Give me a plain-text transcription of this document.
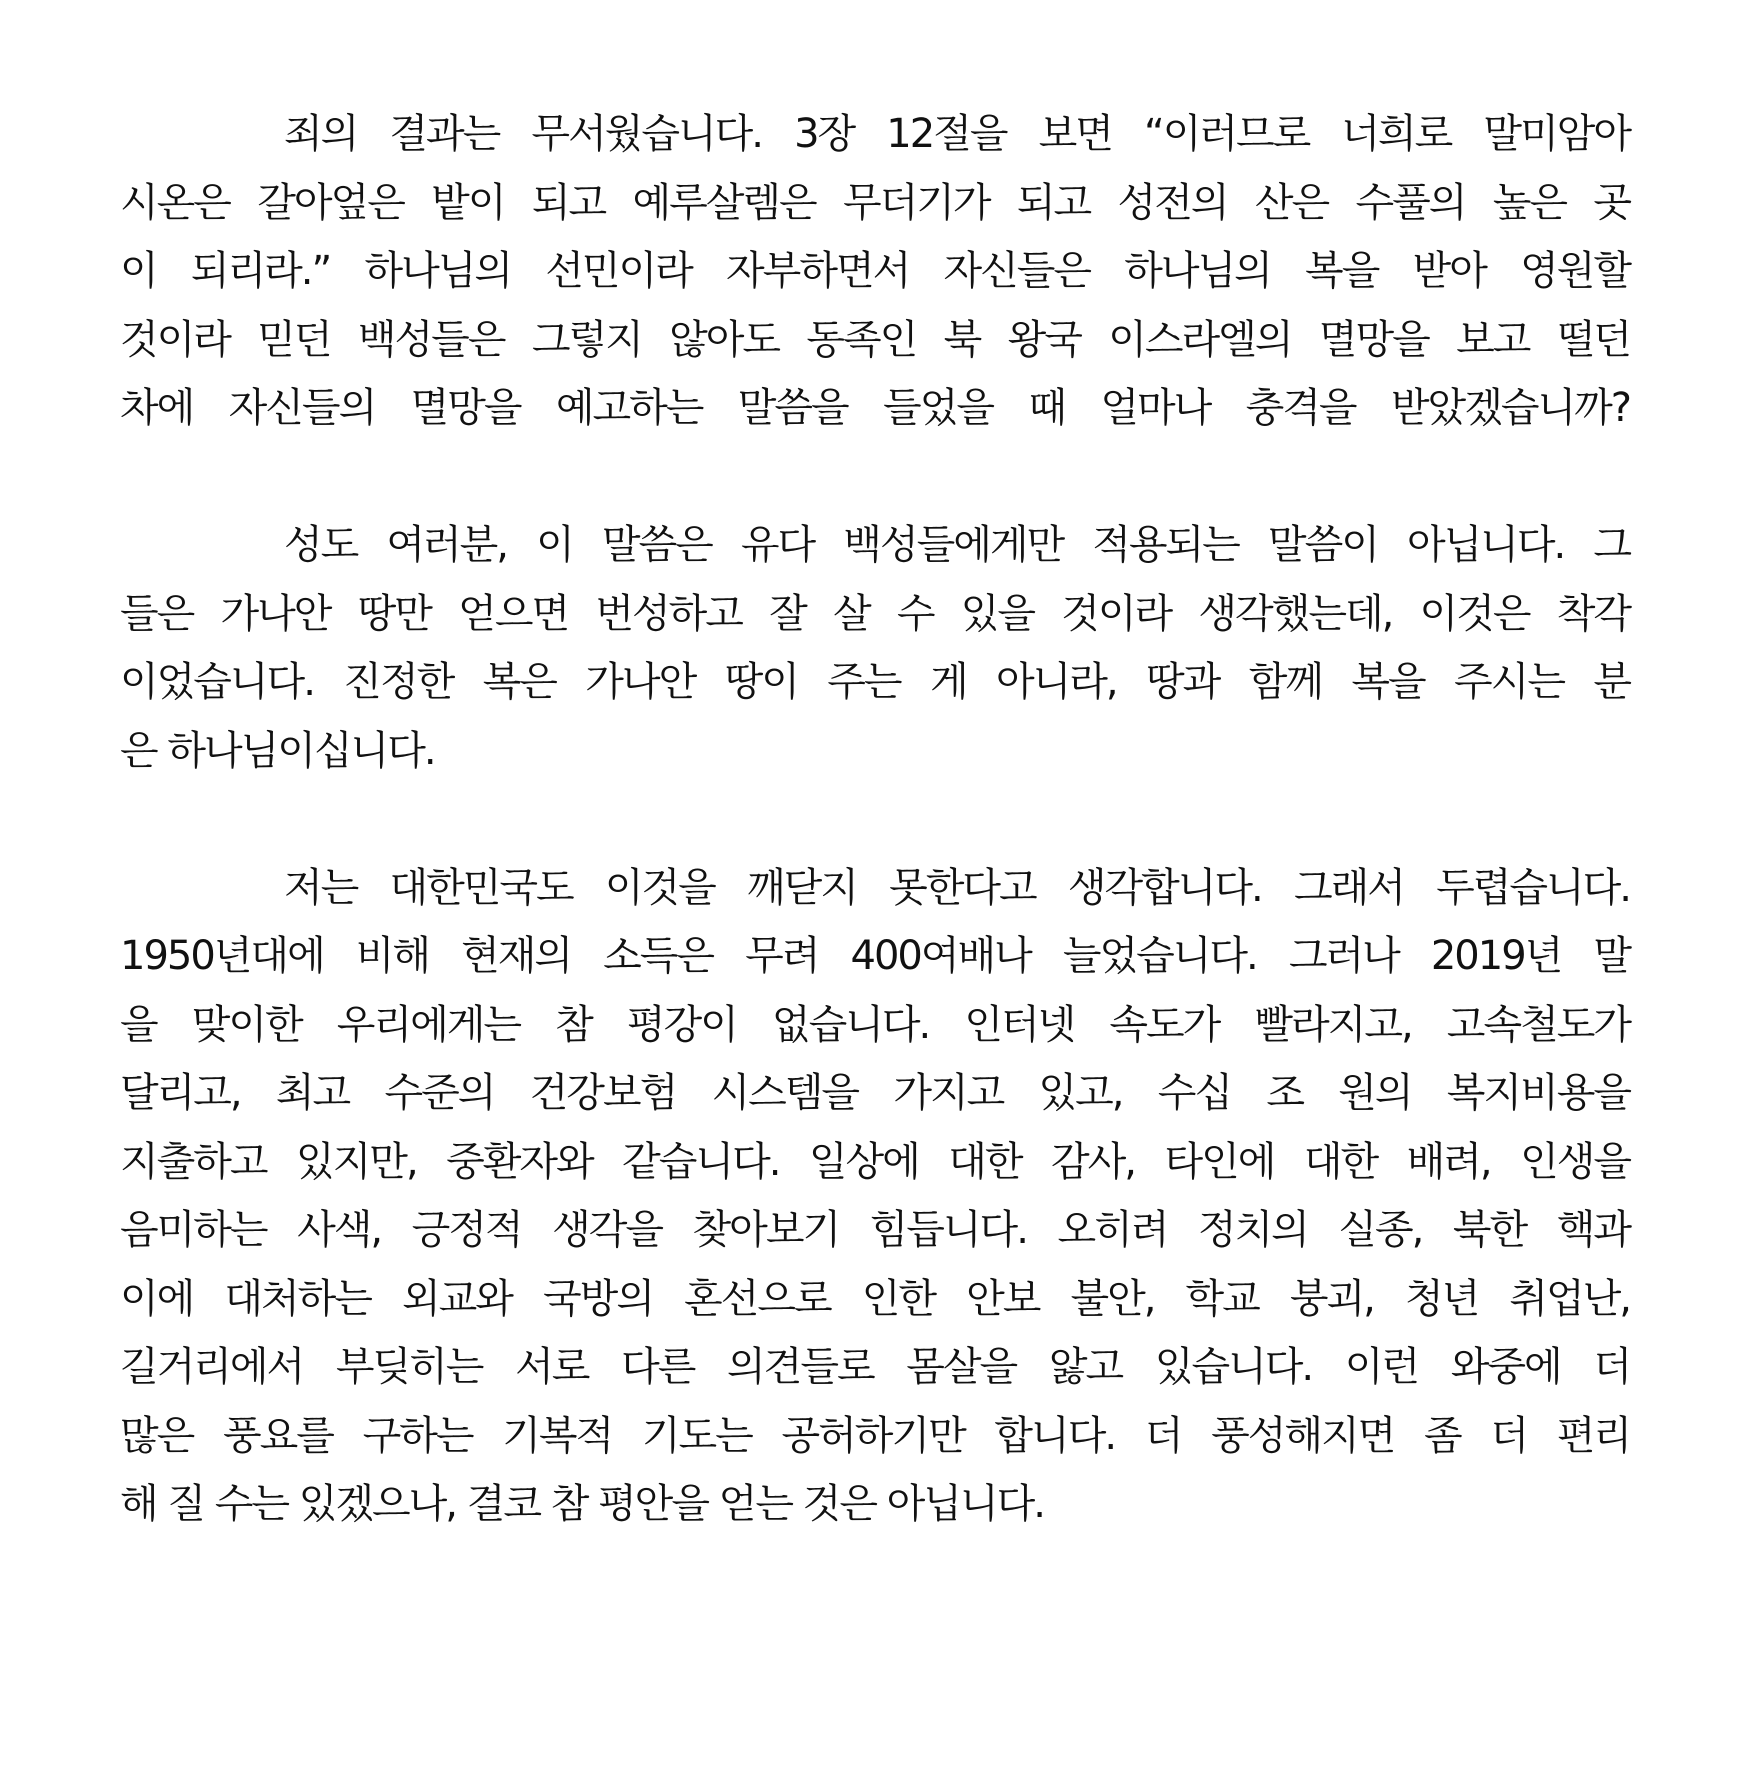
죄의 결과는 무서웠습니다. 3장 12절을 보면 “이러므로 너희로 말미암아
시온은 갈아엎은 밭이 되고 예루살렘은 무더기가 되고 성전의 산은 수풀의 높은 곳
이 되리라.” 하나님의 선민이라 자부하면서 자신들은 하나님의 복을 받아 영원할
것이라 믿던 백성들은 그렇지 않아도 동족인 북 왕국 이스라엘의 멸망을 보고 떨던
차에 자신들의 멸망을 예고하는 말씀을 들었을 때 얼마나 충격을 받았겠습니까?
성도 여러분, 이 말씀은 유다 백성들에게만 적용되는 말씀이 아닙니다. 그
들은 가나안 땅만 얻으면 번성하고 잘 살 수 있을 것이라 생각했는데, 이것은 착각
이었습니다. 진정한 복은 가나안 땅이 주는 게 아니라, 땅과 함께 복을 주시는 분
은 하나님이십니다.
저는 대한민국도 이것을 깨닫지 못한다고 생각합니다. 그래서 두렵습니다.
1950년대에 비해 현재의 소득은 무려 400여배나 늘었습니다. 그러나 2019년 말
을 맞이한 우리에게는 참 평강이 없습니다. 인터넷 속도가 빨라지고, 고속철도가
달리고, 최고 수준의 건강보험 시스템을 가지고 있고, 수십 조 원의 복지비용을
지출하고 있지만, 중환자와 같습니다. 일상에 대한 감사, 타인에 대한 배려, 인생을
음미하는 사색, 긍정적 생각을 찾아보기 힘듭니다. 오히려 정치의 실종, 북한 핵과
이에 대처하는 외교와 국방의 혼선으로 인한 안보 불안, 학교 붕괴, 청년 취업난,
길거리에서 부딪히는 서로 다른 의견들로 몸살을 앓고 있습니다. 이런 와중에 더
많은 풍요를 구하는 기복적 기도는 공허하기만 합니다. 더 풍성해지면 좀 더 편리
해 질 수는 있겠으나, 결코 참 평안을 얻는 것은 아닙니다.
